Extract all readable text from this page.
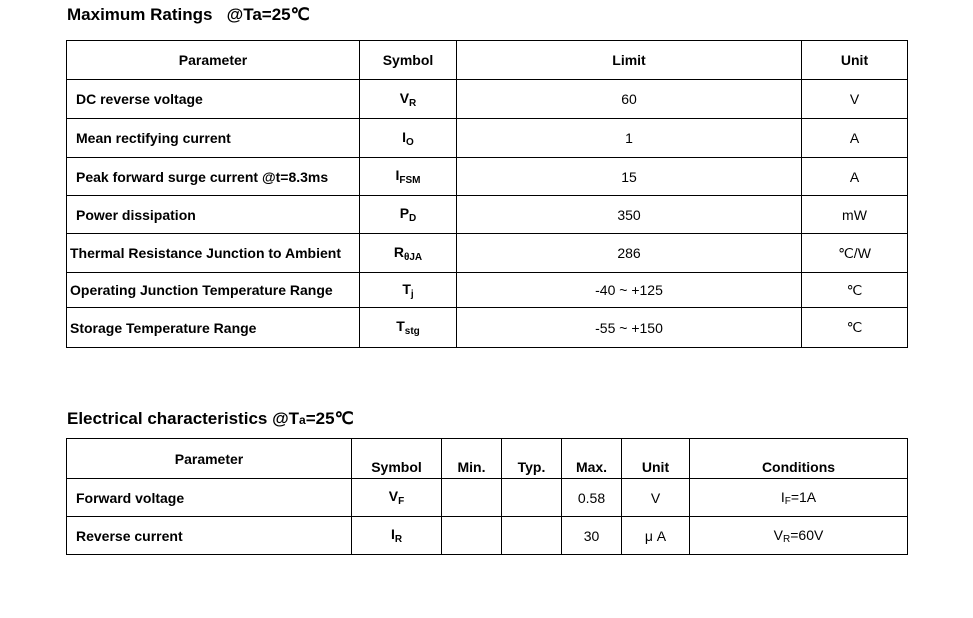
Maximum Ratings   @Ta=25℃
Parameter	Symbol	Limit	Unit
DC reverse voltage	$V_R$	60	V
Mean rectifying current	$I_O$	1	A
Peak forward surge current @t=8.3ms	$I_{FSM}$	15	A
Power dissipation	$P_D$	350	mW
Thermal Resistance Junction to Ambient	$R_{\theta JA}$	286	℃/W
Operating Junction Temperature Range	$T_j$	-40 ~ +125	℃
Storage Temperature Range	$T_{stg}$	-55 ~ +150	℃
Electrical characteristics @Ta=25℃
Parameter	Symbol	Min.	Typ.	Max.	Unit	Conditions
Forward voltage	$V_F$			0.58	V	$I_F=1A$
Reverse current	$I_R$			30	μ A	$V_R=60V$
